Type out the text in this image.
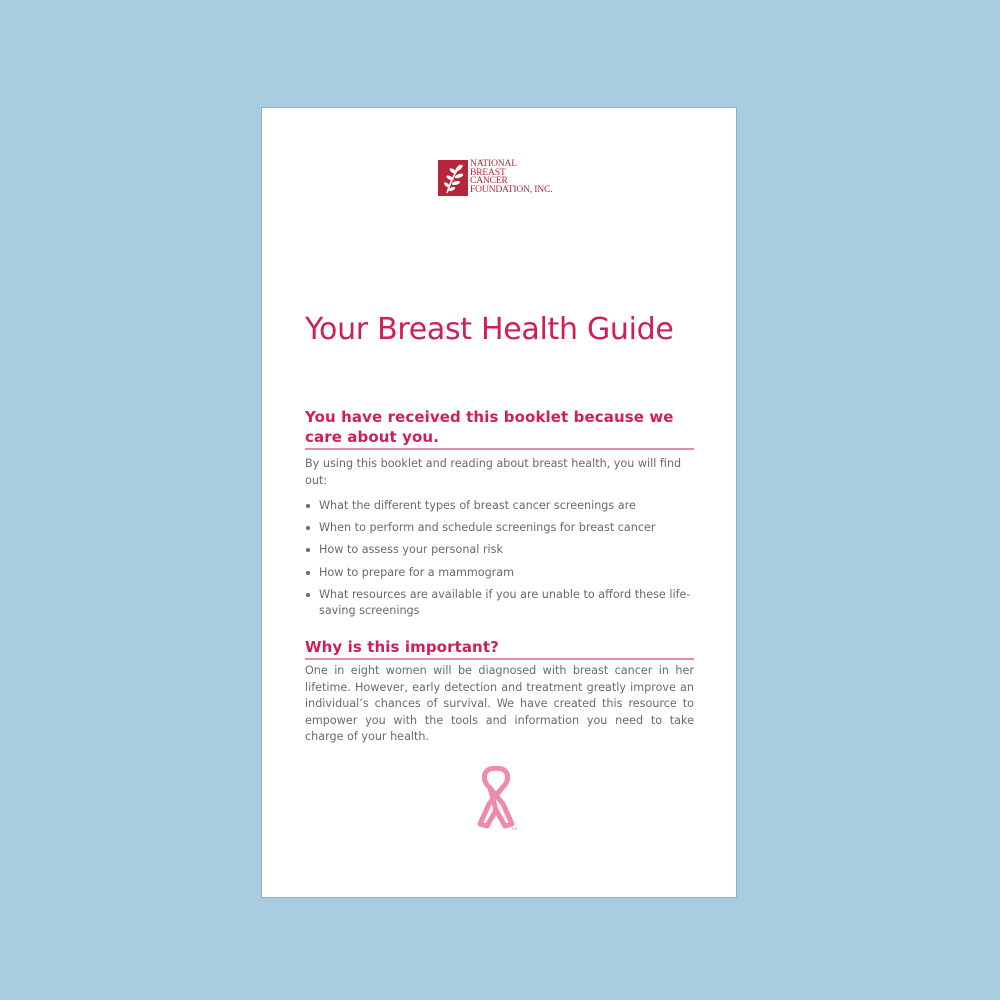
NATIONAL
BREAST
CANCER
FOUNDATION, INC.
Your Breast Health Guide
You have received this booklet because we care about you.

By using this booklet and reading about breast health, you will find out:

What the different types of breast cancer screenings are
When to perform and schedule screenings for breast cancer
How to assess your personal risk
How to prepare for a mammogram
What resources are available if you are unable to afford these life-saving screenings
Why is this important?

One in eight women will be diagnosed with breast cancer in her lifetime. However, early detection and treatment greatly improve an individual’s chances of survival. We have created this resource to empower you with the tools and information you need to take charge of your health.

TM
